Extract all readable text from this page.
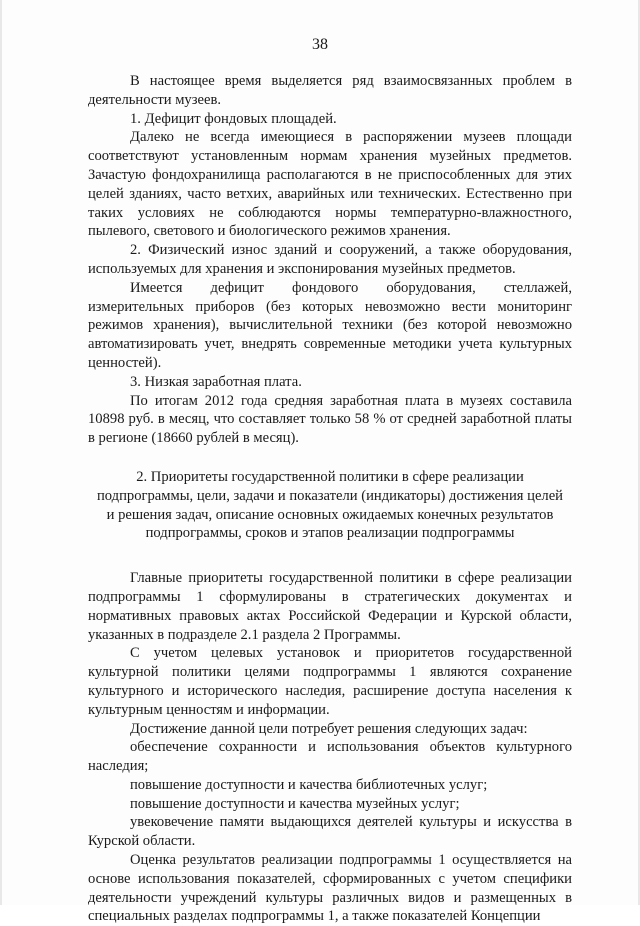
38

В настоящее время выделяется ряд взаимосвязанных проблем в деятельности музеев.

1. Дефицит фондовых площадей.

Далеко не всегда имеющиеся в распоряжении музеев площади соответствуют установленным нормам хранения музейных предметов. Зачастую фондохранилища располагаются в не приспособленных для этих целей зданиях, часто ветхих, аварийных или технических. Естественно при таких условиях не соблюдаются нормы температурно-влажностного, пылевого, светового и биологического режимов хранения.

2. Физический износ зданий и сооружений, а также оборудования, используемых для хранения и экспонирования музейных предметов.

Имеется дефицит фондового оборудования, стеллажей, измерительных приборов (без которых невозможно вести мониторинг режимов хранения), вычислительной техники (без которой невозможно автоматизировать учет, внедрять современные методики учета культурных ценностей).

3. Низкая заработная плата.

По итогам 2012 года средняя заработная плата в музеях составила 10898 руб. в месяц, что составляет только 58 % от средней заработной платы в регионе (18660 рублей в месяц).

2. Приоритеты государственной политики в сфере реализации подпрограммы, цели, задачи и показатели (индикаторы) достижения целей и решения задач, описание основных ожидаемых конечных результатов подпрограммы, сроков и этапов реализации подпрограммы

Главные приоритеты государственной политики в сфере реализации подпрограммы 1 сформулированы в стратегических документах и нормативных правовых актах Российской Федерации и Курской области, указанных в подразделе 2.1 раздела 2 Программы.

С учетом целевых установок и приоритетов государственной культурной политики целями подпрограммы 1 являются сохранение культурного и исторического наследия, расширение доступа населения к культурным ценностям и информации.

Достижение данной цели потребует решения следующих задач:

обеспечение сохранности и использования объектов культурного наследия;

повышение доступности и качества библиотечных услуг;

повышение доступности и качества музейных услуг;

увековечение памяти выдающихся деятелей культуры и искусства в Курской области.

Оценка результатов реализации подпрограммы 1 осуществляется на основе использования показателей, сформированных с учетом специфики деятельности учреждений культуры различных видов и размещенных в специальных разделах подпрограммы 1, а также показателей Концепции
